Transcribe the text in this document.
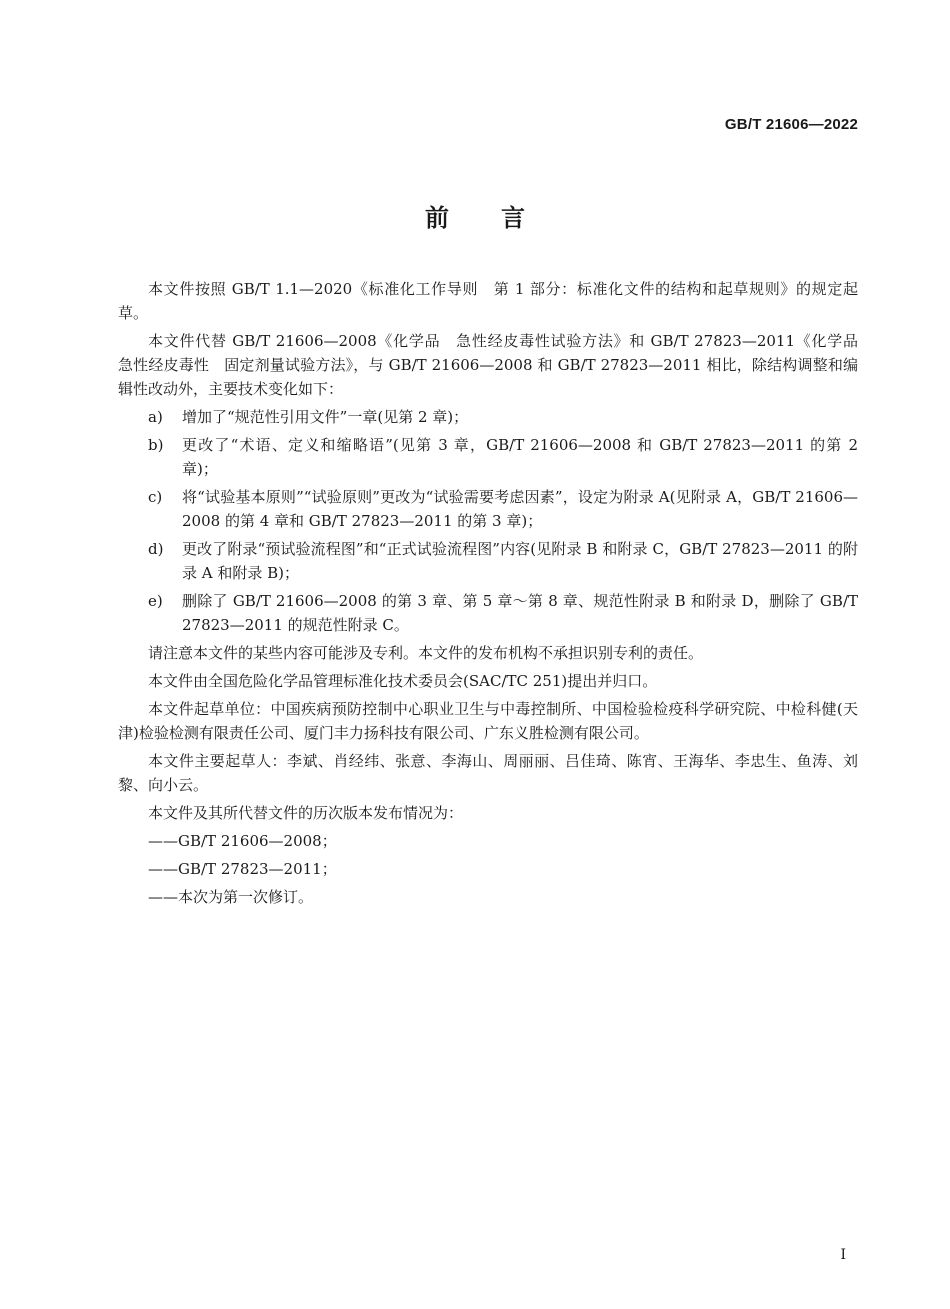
GB/T 21606—2022
前言

本文件按照 GB/T 1.1—2020《标准化工作导则　第 1 部分：标准化文件的结构和起草规则》的规定起草。

本文件代替 GB/T 21606—2008《化学品　急性经皮毒性试验方法》和 GB/T 27823—2011《化学品　急性经皮毒性　固定剂量试验方法》，与 GB/T 21606—2008 和 GB/T 27823—2011 相比，除结构调整和编辑性改动外，主要技术变化如下：

a) 增加了“规范性引用文件”一章(见第 2 章)；
b) 更改了“术语、定义和缩略语”(见第 3 章，GB/T 21606—2008 和 GB/T 27823—2011 的第 2 章)；
c) 将“试验基本原则”“试验原则”更改为“试验需要考虑因素”，设定为附录 A(见附录 A，GB/T 21606—2008 的第 4 章和 GB/T 27823—2011 的第 3 章)；
d) 更改了附录“预试验流程图”和“正式试验流程图”内容(见附录 B 和附录 C，GB/T 27823—2011 的附录 A 和附录 B)；
e) 删除了 GB/T 21606—2008 的第 3 章、第 5 章～第 8 章、规范性附录 B 和附录 D，删除了 GB/T 27823—2011 的规范性附录 C。

请注意本文件的某些内容可能涉及专利。本文件的发布机构不承担识别专利的责任。

本文件由全国危险化学品管理标准化技术委员会(SAC/TC 251)提出并归口。

本文件起草单位：中国疾病预防控制中心职业卫生与中毒控制所、中国检验检疫科学研究院、中检科健(天津)检验检测有限责任公司、厦门丰力扬科技有限公司、广东义胜检测有限公司。

本文件主要起草人：李斌、肖经纬、张意、李海山、周丽丽、吕佳琦、陈宵、王海华、李忠生、鱼涛、刘黎、向小云。

本文件及其所代替文件的历次版本发布情况为：

——GB/T 21606—2008；
——GB/T 27823—2011；
——本次为第一次修订。
I
